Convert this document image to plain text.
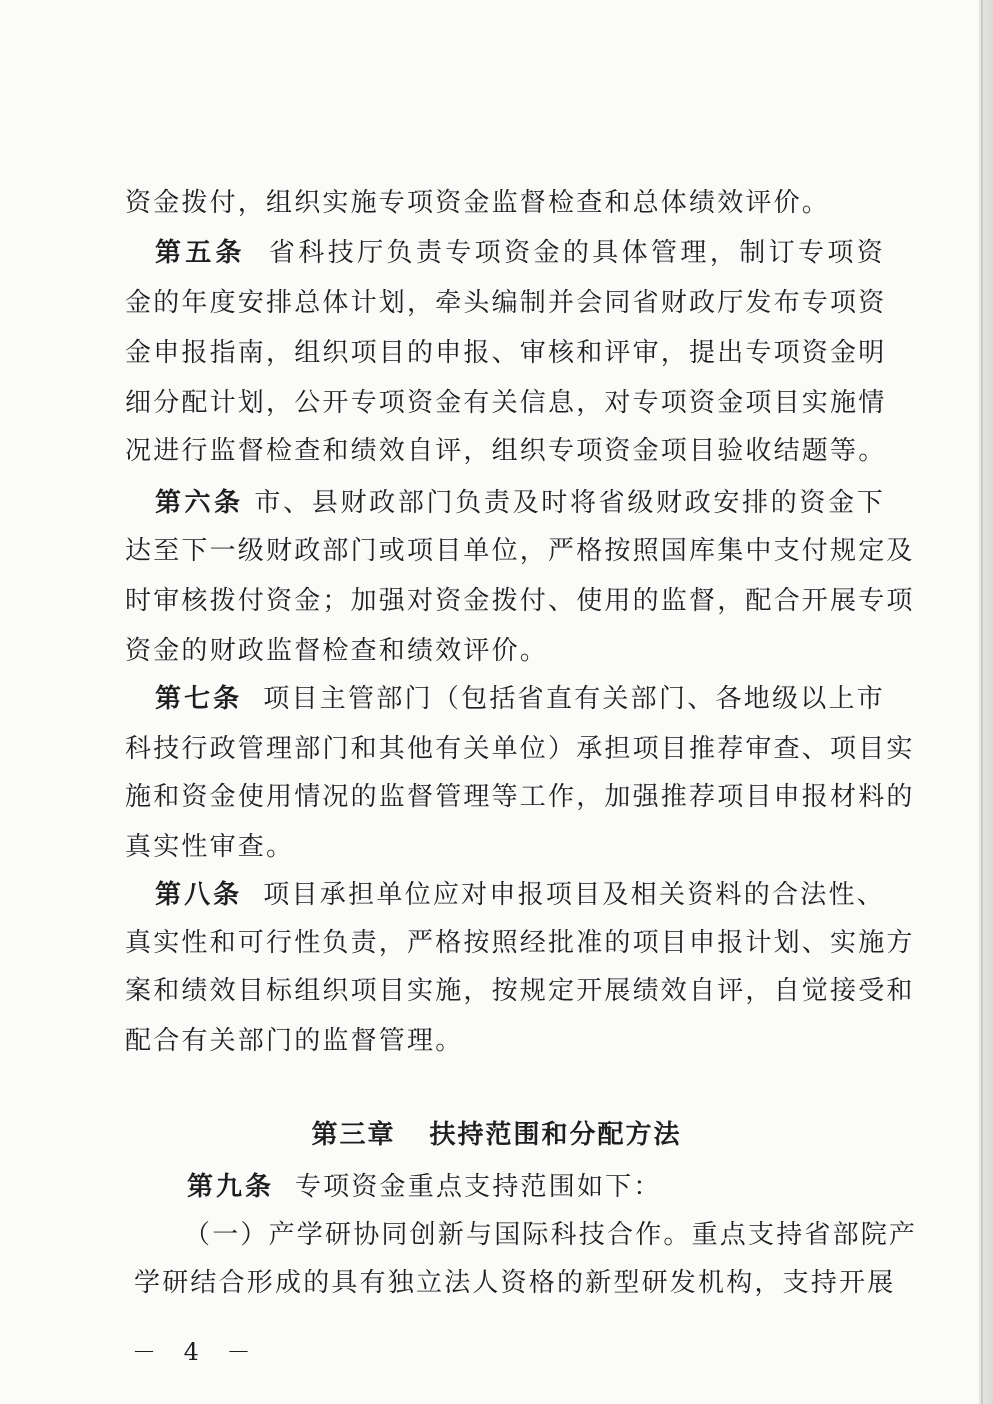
资金拨付，组织实施专项资金监督检查和总体绩效评价。
第五条 省科技厅负责专项资金的具体管理，制订专项资
金的年度安排总体计划，牵头编制并会同省财政厅发布专项资
金申报指南，组织项目的申报、审核和评审，提出专项资金明
细分配计划，公开专项资金有关信息，对专项资金项目实施情
况进行监督检查和绩效自评，组织专项资金项目验收结题等。
第六条 市、县财政部门负责及时将省级财政安排的资金下
达至下一级财政部门或项目单位，严格按照国库集中支付规定及
时审核拨付资金；加强对资金拨付、使用的监督，配合开展专项
资金的财政监督检查和绩效评价。
第七条 项目主管部门（包括省直有关部门、各地级以上市
科技行政管理部门和其他有关单位）承担项目推荐审查、项目实
施和资金使用情况的监督管理等工作，加强推荐项目申报材料的
真实性审查。
第八条 项目承担单位应对申报项目及相关资料的合法性、
真实性和可行性负责，严格按照经批准的项目申报计划、实施方
案和绩效目标组织项目实施，按规定开展绩效自评，自觉接受和
配合有关部门的监督管理。
第三章 扶持范围和分配方法
第九条 专项资金重点支持范围如下：
（一）产学研协同创新与国际科技合作。重点支持省部院产
学研结合形成的具有独立法人资格的新型研发机构，支持开展
－ 4 －
